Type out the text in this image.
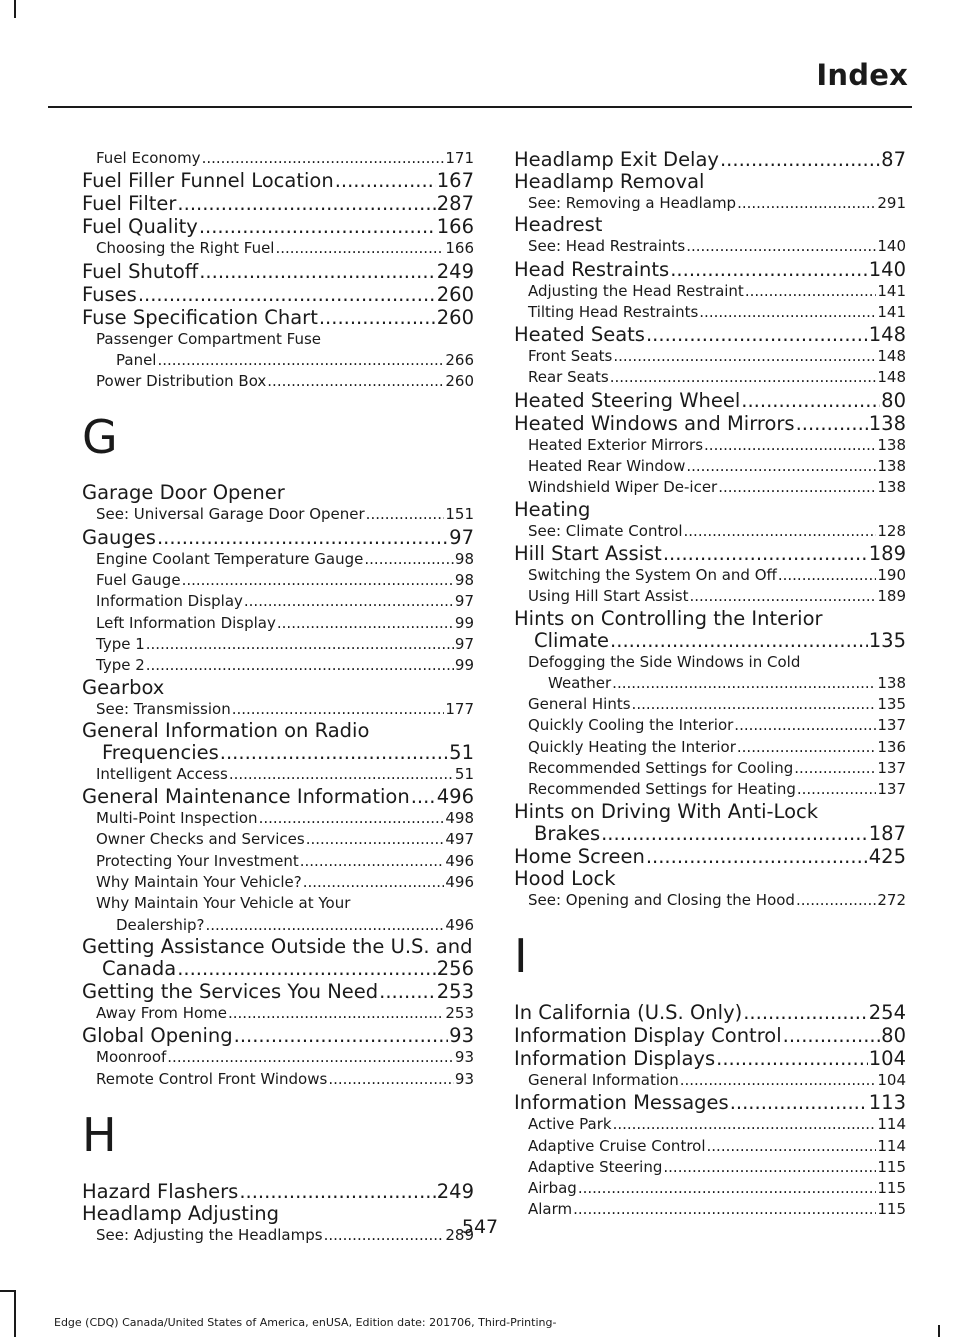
Index
Fuel Economy .....	171
Fuel Filler Funnel Location .....	167
Fuel Filter .....	287
Fuel Quality .....	166
Choosing the Right Fuel .....	166
Fuel Shutoff .....	249
Fuses .....	260
Fuse Specification Chart .....	260
Passenger Compartment Fuse
Panel .....	266
Power Distribution Box .....	260
G
Garage Door Opener
See: Universal Garage Door Opener .....	151
Gauges .....	97
Engine Coolant Temperature Gauge .....	98
Fuel Gauge .....	98
Information Display .....	97
Left Information Display .....	99
Type 1 .....	97
Type 2 .....	99
Gearbox
See: Transmission .....	177
General Information on Radio
Frequencies .....	51
Intelligent Access .....	51
General Maintenance Information ..... 496
Multi-Point Inspection .....	498
Owner Checks and Services .....	497
Protecting Your Investment .....	496
Why Maintain Your Vehicle? .....	496
Why Maintain Your Vehicle at Your
Dealership? .....	496
Getting Assistance Outside the U.S. and
Canada .....	256
Getting the Services You Need .....	253
Away From Home .....	253
Global Opening .....	93
Moonroof .....	93
Remote Control Front Windows .....	93
H
Hazard Flashers .....	249
Headlamp Adjusting
See: Adjusting the Headlamps .....	289
Headlamp Exit Delay .....	87
Headlamp Removal
See: Removing a Headlamp .....	291
Headrest
See: Head Restraints .....	140
Head Restraints .....	140
Adjusting the Head Restraint .....	141
Tilting Head Restraints .....	141
Heated Seats .....	148
Front Seats .....	148
Rear Seats .....	148
Heated Steering Wheel .....	80
Heated Windows and Mirrors .....	138
Heated Exterior Mirrors .....	138
Heated Rear Window .....	138
Windshield Wiper De-icer .....	138
Heating
See: Climate Control .....	128
Hill Start Assist .....	189
Switching the System On and Off .....	190
Using Hill Start Assist .....	189
Hints on Controlling the Interior
Climate .....	135
Defogging the Side Windows in Cold
Weather .....	138
General Hints .....	135
Quickly Cooling the Interior .....	137
Quickly Heating the Interior .....	136
Recommended Settings for Cooling .....	137
Recommended Settings for Heating .....	137
Hints on Driving With Anti-Lock
Brakes .....	187
Home Screen .....	425
Hood Lock
See: Opening and Closing the Hood .....	272
I
In California (U.S. Only) .....	254
Information Display Control .....	80
Information Displays .....	104
General Information .....	104
Information Messages .....	113
Active Park .....	114
Adaptive Cruise Control .....	114
Adaptive Steering .....	115
Airbag .....	115
Alarm .....	115
547
Edge (CDQ) Canada/United States of America, enUSA, Edition date: 201706, Third-Printing-
